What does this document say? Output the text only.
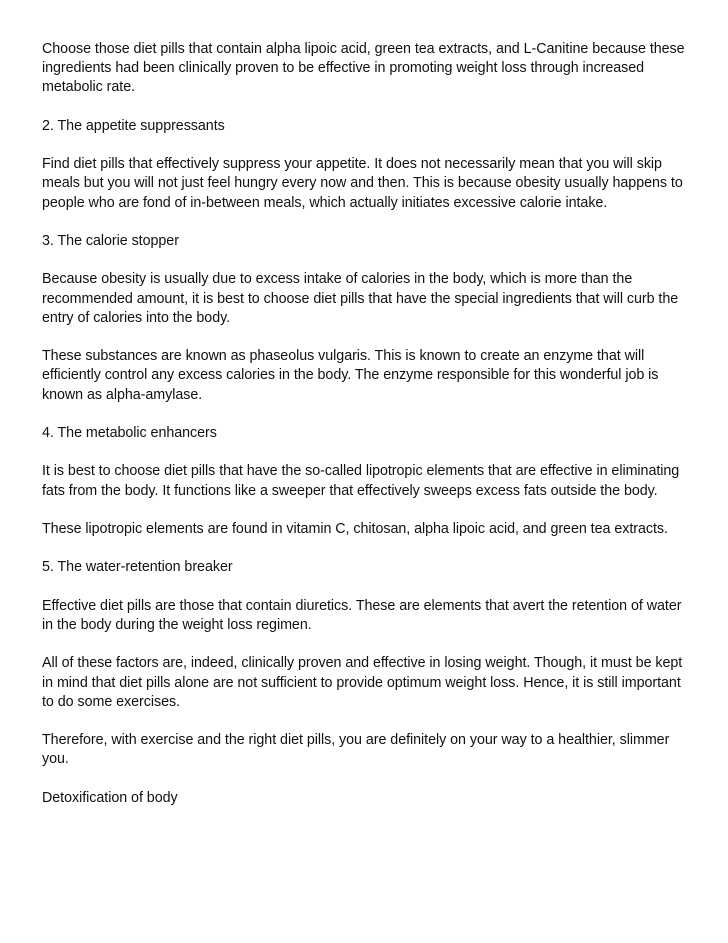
Choose those diet pills that contain alpha lipoic acid, green tea extracts, and L-Canitine because these ingredients had been clinically proven to be effective in promoting weight loss through increased metabolic rate.

2. The appetite suppressants

Find diet pills that effectively suppress your appetite. It does not necessarily mean that you will skip meals but you will not just feel hungry every now and then. This is because obesity usually happens to people who are fond of in-between meals, which actually initiates excessive calorie intake.

3. The calorie stopper

Because obesity is usually due to excess intake of calories in the body, which is more than the recommended amount, it is best to choose diet pills that have the special ingredients that will curb the entry of calories into the body.

These substances are known as phaseolus vulgaris. This is known to create an enzyme that will efficiently control any excess calories in the body. The enzyme responsible for this wonderful job is known as alpha-amylase.

4. The metabolic enhancers

It is best to choose diet pills that have the so-called lipotropic elements that are effective in eliminating fats from the body. It functions like a sweeper that effectively sweeps excess fats outside the body.

These lipotropic elements are found in vitamin C, chitosan, alpha lipoic acid, and green tea extracts.

5. The water-retention breaker

Effective diet pills are those that contain diuretics. These are elements that avert the retention of water in the body during the weight loss regimen.

All of these factors are, indeed, clinically proven and effective in losing weight. Though, it must be kept in mind that diet pills alone are not sufficient to provide optimum weight loss. Hence, it is still important to do some exercises.

Therefore, with exercise and the right diet pills, you are definitely on your way to a healthier, slimmer you.

Detoxification of body
